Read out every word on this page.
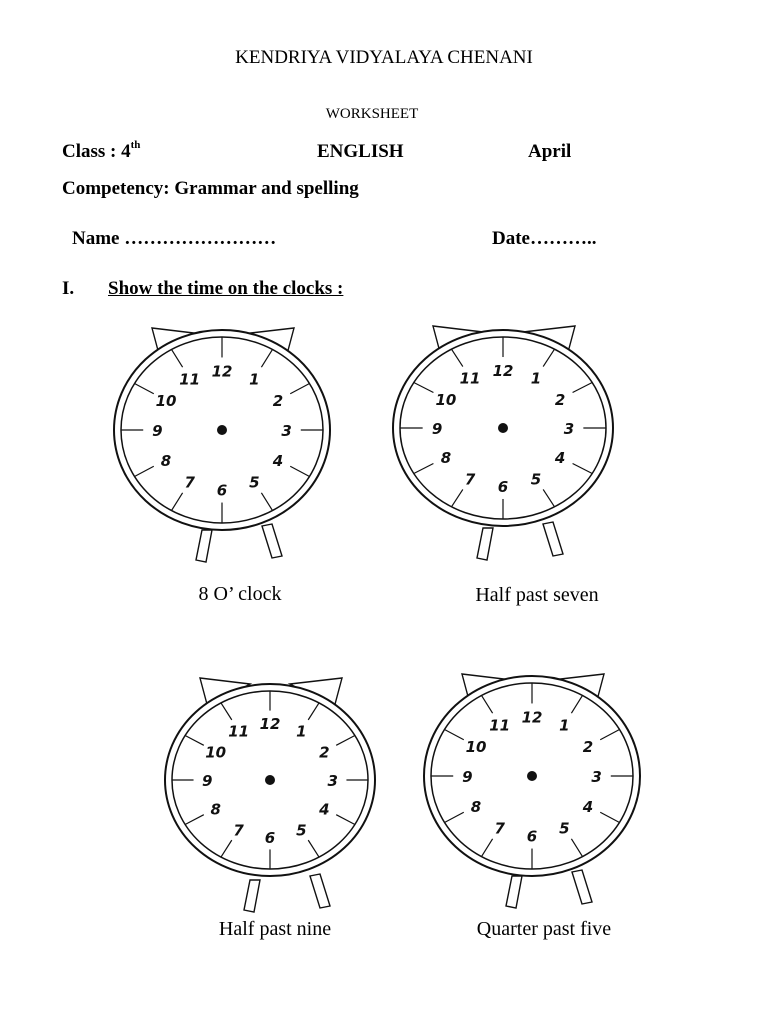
KENDRIYA VIDYALAYA CHENANI
WORKSHEET
Class : 4th	ENGLISH	April
Competency: Grammar and spelling
Name ……………………	Date………..
I. Show the time on the clocks :
12 1
2
3
4
5
6
7
8
9
10
11	12 1
2
3
4
5
6
7
8
9
10
11
12 1
2
3
4
5
6
7
8
9
10
11
12 1
2
3
4
5
6
7
8
9
10
11
8 O’ clock	Half past seven
Half past nine	Quarter past five
